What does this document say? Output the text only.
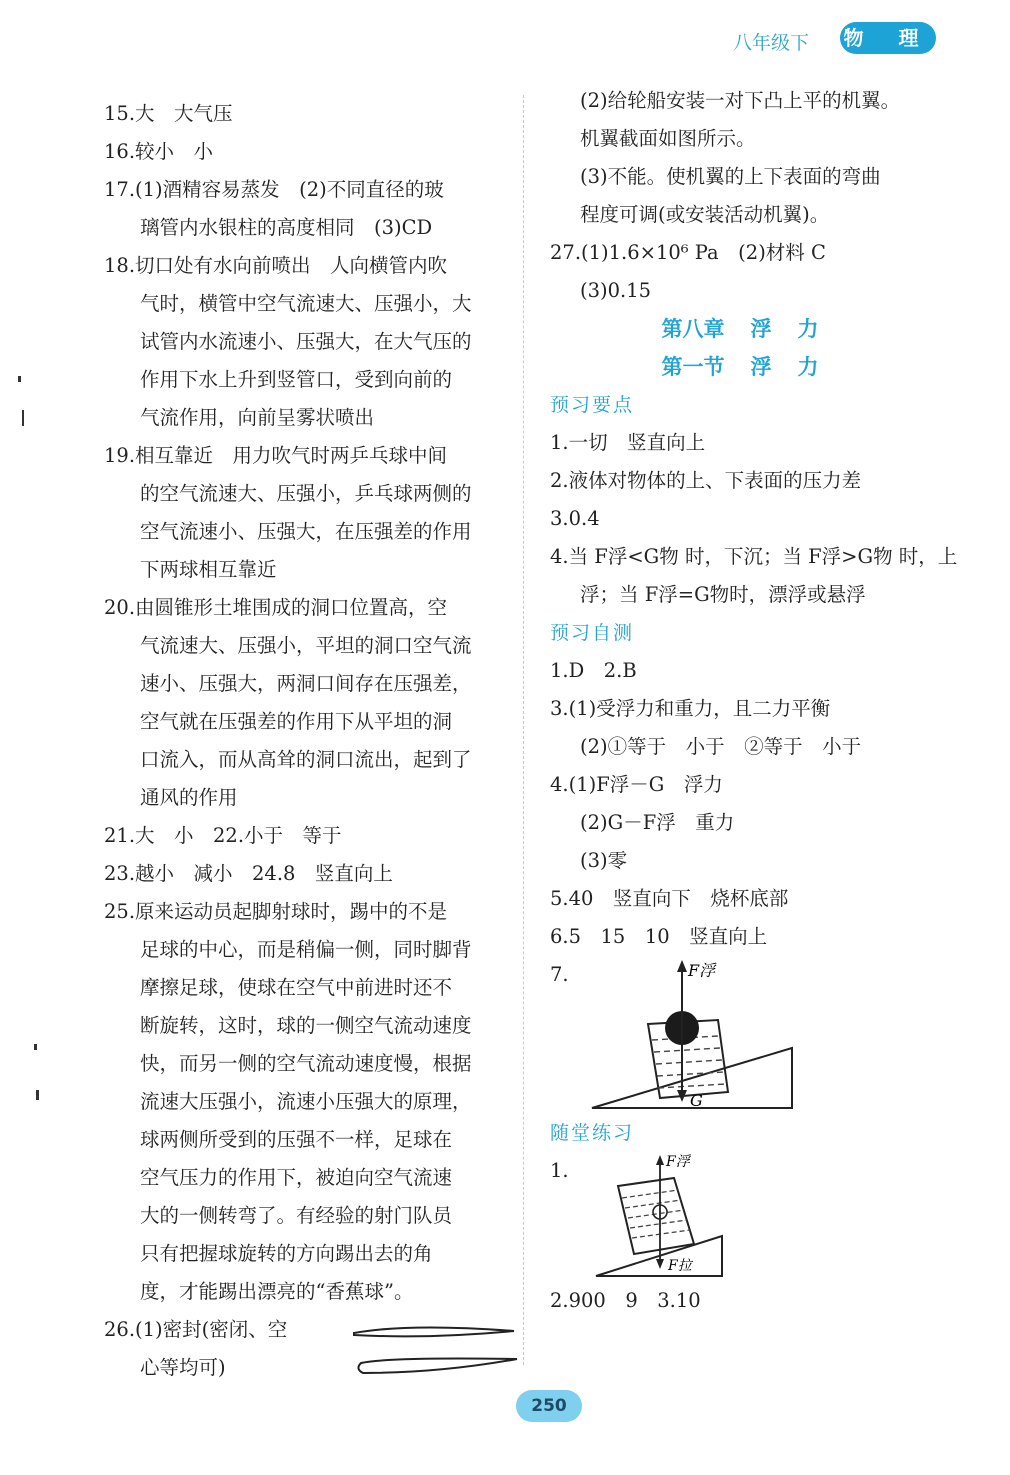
八年级下 物 理
15.大　大气压
16.较小　小
17.(1)酒精容易蒸发　(2)不同直径的玻
璃管内水银柱的高度相同　(3)CD
18.切口处有水向前喷出　人向横管内吹
气时，横管中空气流速大、压强小，大
试管内水流速小、压强大，在大气压的
作用下水上升到竖管口，受到向前的
气流作用，向前呈雾状喷出
19.相互靠近　用力吹气时两乒乓球中间
的空气流速大、压强小，乒乓球两侧的
空气流速小、压强大，在压强差的作用
下两球相互靠近
20.由圆锥形土堆围成的洞口位置高，空
气流速大、压强小，平坦的洞口空气流
速小、压强大，两洞口间存在压强差，
空气就在压强差的作用下从平坦的洞
口流入，而从高耸的洞口流出，起到了
通风的作用
21.大　小　22.小于　等于
23.越小　减小　24.8　竖直向上
25.原来运动员起脚射球时，踢中的不是
足球的中心，而是稍偏一侧，同时脚背
摩擦足球，使球在空气中前进时还不
断旋转，这时，球的一侧空气流动速度
快，而另一侧的空气流动速度慢，根据
流速大压强小，流速小压强大的原理，
球两侧所受到的压强不一样，足球在
空气压力的作用下，被迫向空气流速
大的一侧转弯了。有经验的射门队员
只有把握球旋转的方向踢出去的角
度，才能踢出漂亮的“香蕉球”。
26.(1)密封(密闭、空
心等均可)
(2)给轮船安装一对下凸上平的机翼。
机翼截面如图所示。
(3)不能。使机翼的上下表面的弯曲
程度可调(或安装活动机翼)。
27.(1)1.6×10⁶ Pa　(2)材料 C
(3)0.15
第八章 浮 力
第一节 浮 力
预习要点
1.一切　竖直向上
2.液体对物体的上、下表面的压力差
3.0.4
4.当 F浮<G物 时，下沉；当 F浮>G物 时，上
浮；当 F浮=G物时，漂浮或悬浮
预习自测
1.D　2.B
3.(1)受浮力和重力，且二力平衡
(2)①等于　小于　②等于　小于
4.(1)F浮－G　浮力
(2)G－F浮　重力
(3)零
5.40　竖直向下　烧杯底部
6.5　15　10　竖直向上
7.	F浮
G
随堂练习
1.	F浮
F拉
2.900　9　3.10
250
